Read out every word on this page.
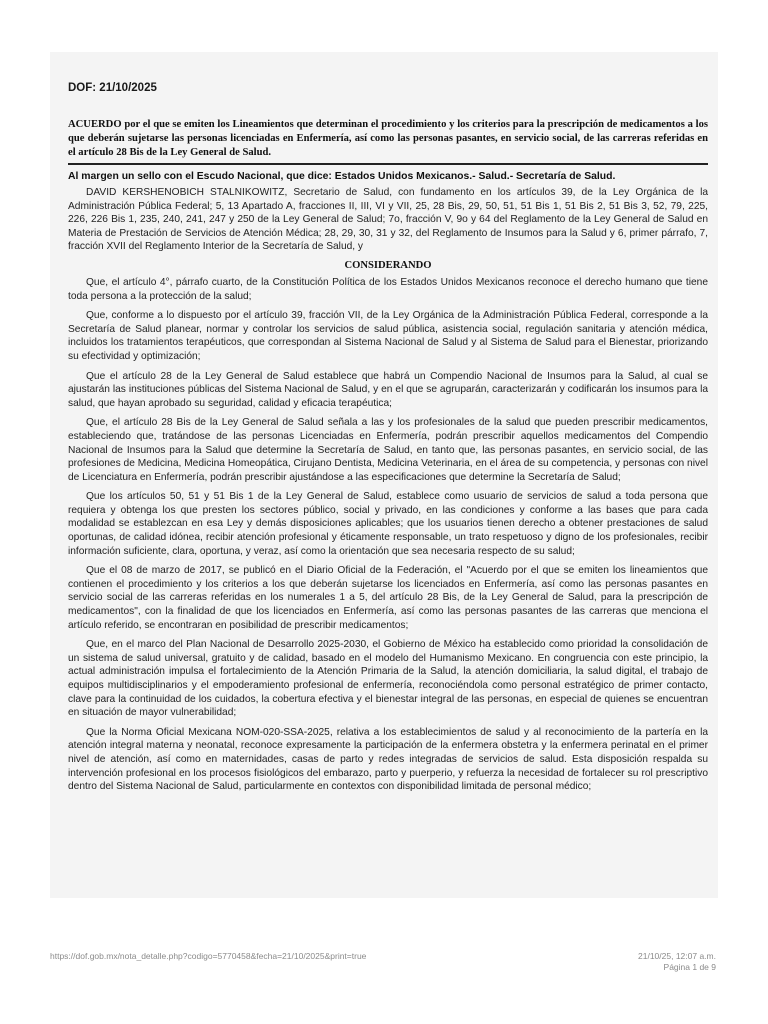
DOF: 21/10/2025

ACUERDO por el que se emiten los Lineamientos que determinan el procedimiento y los criterios para la prescripción de medicamentos a los que deberán sujetarse las personas licenciadas en Enfermería, así como las personas pasantes, en servicio social, de las carreras referidas en el artículo 28 Bis de la Ley General de Salud.

Al margen un sello con el Escudo Nacional, que dice: Estados Unidos Mexicanos.- Salud.- Secretaría de Salud.

DAVID KERSHENOBICH STALNIKOWITZ, Secretario de Salud, con fundamento en los artículos 39, de la Ley Orgánica de la Administración Pública Federal; 5, 13 Apartado A, fracciones II, III, VI y VII, 25, 28 Bis, 29, 50, 51, 51 Bis 1, 51 Bis 2, 51 Bis 3, 52, 79, 225, 226, 226 Bis 1, 235, 240, 241, 247 y 250 de la Ley General de Salud; 7o, fracción V, 9o y 64 del Reglamento de la Ley General de Salud en Materia de Prestación de Servicios de Atención Médica; 28, 29, 30, 31 y 32, del Reglamento de Insumos para la Salud y 6, primer párrafo, 7, fracción XVII del Reglamento Interior de la Secretaría de Salud, y

CONSIDERANDO

Que, el artículo 4°, párrafo cuarto, de la Constitución Política de los Estados Unidos Mexicanos reconoce el derecho humano que tiene toda persona a la protección de la salud;

Que, conforme a lo dispuesto por el artículo 39, fracción VII, de la Ley Orgánica de la Administración Pública Federal, corresponde a la Secretaría de Salud planear, normar y controlar los servicios de salud pública, asistencia social, regulación sanitaria y atención médica, incluidos los tratamientos terapéuticos, que correspondan al Sistema Nacional de Salud y al Sistema de Salud para el Bienestar, priorizando su efectividad y optimización;

Que el artículo 28 de la Ley General de Salud establece que habrá un Compendio Nacional de Insumos para la Salud, al cual se ajustarán las instituciones públicas del Sistema Nacional de Salud, y en el que se agruparán, caracterizarán y codificarán los insumos para la salud, que hayan aprobado su seguridad, calidad y eficacia terapéutica;

Que, el artículo 28 Bis de la Ley General de Salud señala a las y los profesionales de la salud que pueden prescribir medicamentos, estableciendo que, tratándose de las personas Licenciadas en Enfermería, podrán prescribir aquellos medicamentos del Compendio Nacional de Insumos para la Salud que determine la Secretaría de Salud, en tanto que, las personas pasantes, en servicio social, de las profesiones de Medicina, Medicina Homeopática, Cirujano Dentista, Medicina Veterinaria, en el área de su competencia, y personas con nivel de Licenciatura en Enfermería, podrán prescribir ajustándose a las especificaciones que determine la Secretaría de Salud;

Que los artículos 50, 51 y 51 Bis 1 de la Ley General de Salud, establece como usuario de servicios de salud a toda persona que requiera y obtenga los que presten los sectores público, social y privado, en las condiciones y conforme a las bases que para cada modalidad se establezcan en esa Ley y demás disposiciones aplicables; que los usuarios tienen derecho a obtener prestaciones de salud oportunas, de calidad idónea, recibir atención profesional y éticamente responsable, un trato respetuoso y digno de los profesionales, recibir información suficiente, clara, oportuna, y veraz, así como la orientación que sea necesaria respecto de su salud;

Que el 08 de marzo de 2017, se publicó en el Diario Oficial de la Federación, el "Acuerdo por el que se emiten los lineamientos que contienen el procedimiento y los criterios a los que deberán sujetarse los licenciados en Enfermería, así como las personas pasantes en servicio social de las carreras referidas en los numerales 1 a 5, del artículo 28 Bis, de la Ley General de Salud, para la prescripción de medicamentos", con la finalidad de que los licenciados en Enfermería, así como las personas pasantes de las carreras que menciona el artículo referido, se encontraran en posibilidad de prescribir medicamentos;

Que, en el marco del Plan Nacional de Desarrollo 2025-2030, el Gobierno de México ha establecido como prioridad la consolidación de un sistema de salud universal, gratuito y de calidad, basado en el modelo del Humanismo Mexicano. En congruencia con este principio, la actual administración impulsa el fortalecimiento de la Atención Primaria de la Salud, la atención domiciliaria, la salud digital, el trabajo de equipos multidisciplinarios y el empoderamiento profesional de enfermería, reconociéndola como personal estratégico de primer contacto, clave para la continuidad de los cuidados, la cobertura efectiva y el bienestar integral de las personas, en especial de quienes se encuentran en situación de mayor vulnerabilidad;

Que la Norma Oficial Mexicana NOM-020-SSA-2025, relativa a los establecimientos de salud y al reconocimiento de la partería en la atención integral materna y neonatal, reconoce expresamente la participación de la enfermera obstetra y la enfermera perinatal en el primer nivel de atención, así como en maternidades, casas de parto y redes integradas de servicios de salud. Esta disposición respalda su intervención profesional en los procesos fisiológicos del embarazo, parto y puerperio, y refuerza la necesidad de fortalecer su rol prescriptivo dentro del Sistema Nacional de Salud, particularmente en contextos con disponibilidad limitada de personal médico;

https://dof.gob.mx/nota_detalle.php?codigo=5770458&fecha=21/10/2025&print=true	21/10/25, 12:07 a.m.
Página 1 de 9
